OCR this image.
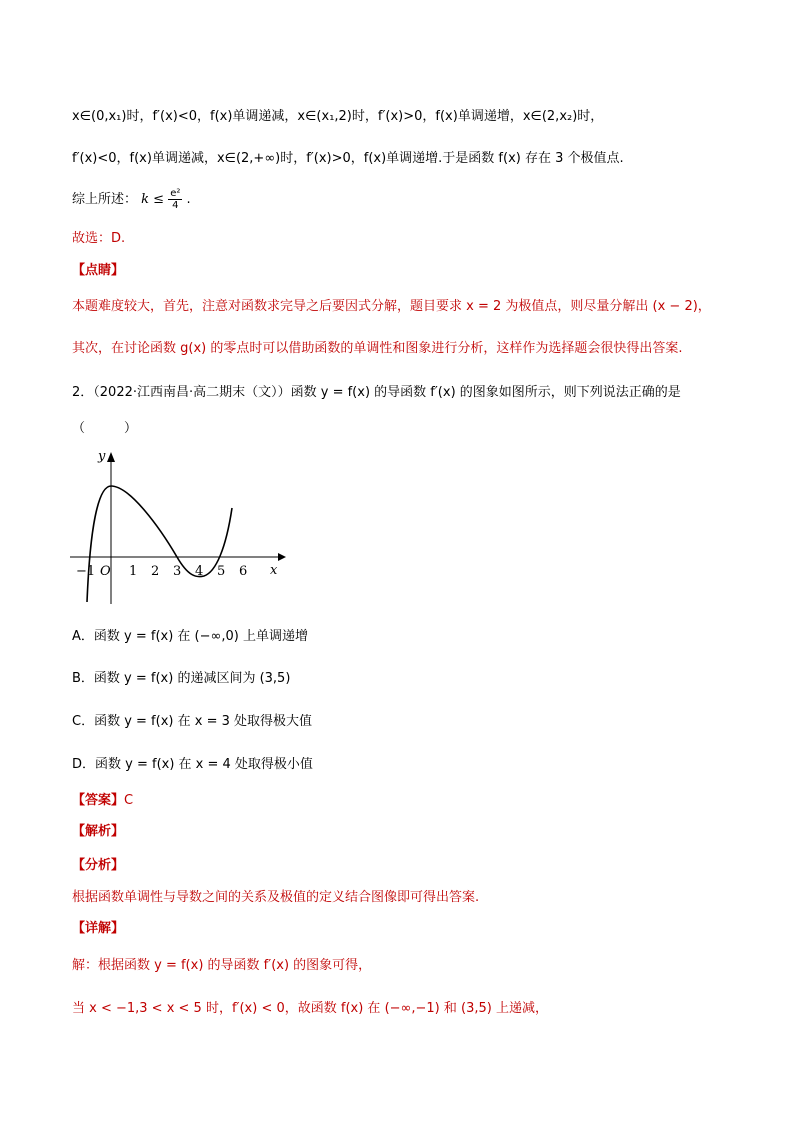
x∈(0,x₁)时，f′(x)<0，f(x)单调递减，x∈(x₁,2)时，f′(x)>0，f(x)单调递增，x∈(2,x₂)时，
f′(x)<0，f(x)单调递减，x∈(2,+∞)时，f′(x)>0，f(x)单调递增.于是函数 f(x) 存在 3 个极值点.
综上所述： $k \le \frac{\text{e²}}{4}$ .
故选：D.
【点睛】
本题难度较大，首先，注意对函数求完导之后要因式分解，题目要求 x = 2 为极值点，则尽量分解出 (x − 2)，
其次，在讨论函数 g(x) 的零点时可以借助函数的单调性和图象进行分析，这样作为选择题会很快得出答案.
2．（2022·江西南昌·高二期末（文））函数 y = f(x) 的导函数 f′(x) 的图象如图所示，则下列说法正确的是
（　　　）
y
x
O
−1	1 2 3 4 5 6
A．函数 y = f(x) 在 (−∞,0) 上单调递增
B．函数 y = f(x) 的递减区间为 (3,5)
C．函数 y = f(x) 在 x = 3 处取得极大值
D．函数 y = f(x) 在 x = 4 处取得极小值
【答案】C
【解析】
【分析】
根据函数单调性与导数之间的关系及极值的定义结合图像即可得出答案.
【详解】
解：根据函数 y = f(x) 的导函数 f′(x) 的图象可得，
当 x < −1,3 < x < 5 时，f′(x) < 0，故函数 f(x) 在 (−∞,−1) 和 (3,5) 上递减，
